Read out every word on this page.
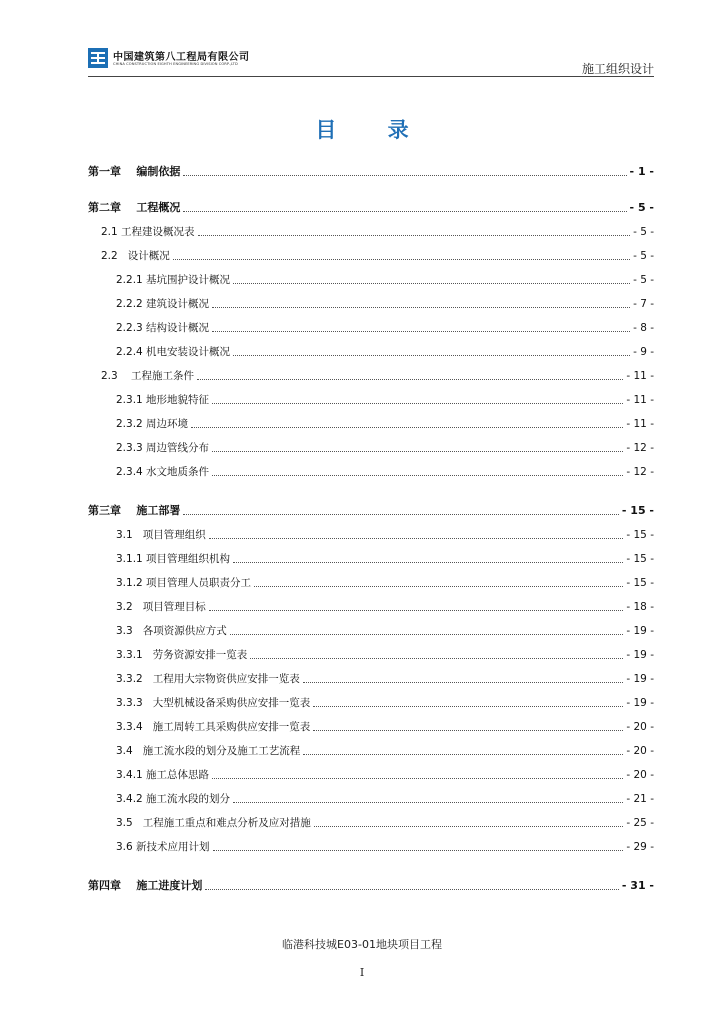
中国建筑第八工程局有限公司
CHINA CONSTRUCTION EIGHTH ENGINEERING DIVISION CORP.,LTD	施工组织设计
目 录
第一章    编制依据	- 1 -
第二章    工程概况	- 5 -
2.1 工程建设概况表	- 5 -
2.2   设计概况	- 5 -
2.2.1 基坑围护设计概况	- 5 -
2.2.2 建筑设计概况	- 7 -
2.2.3 结构设计概况	- 8 -
2.2.4 机电安装设计概况	- 9 -
2.3    工程施工条件	- 11 -
2.3.1 地形地貌特征	- 11 -
2.3.2 周边环境	- 11 -
2.3.3 周边管线分布	- 12 -
2.3.4 水文地质条件	- 12 -
第三章    施工部署	- 15 -
3.1   项目管理组织	- 15 -
3.1.1 项目管理组织机构	- 15 -
3.1.2 项目管理人员职责分工	- 15 -
3.2   项目管理目标	- 18 -
3.3   各项资源供应方式	- 19 -
3.3.1   劳务资源安排一览表	- 19 -
3.3.2   工程用大宗物资供应安排一览表	- 19 -
3.3.3   大型机械设备采购供应安排一览表	- 19 -
3.3.4   施工周转工具采购供应安排一览表	- 20 -
3.4   施工流水段的划分及施工工艺流程	- 20 -
3.4.1 施工总体思路	- 20 -
3.4.2 施工流水段的划分	- 21 -
3.5   工程施工重点和难点分析及应对措施	- 25 -
3.6 新技术应用计划	- 29 -
第四章    施工进度计划	- 31 -
临港科技城E03-01地块项目工程
I
